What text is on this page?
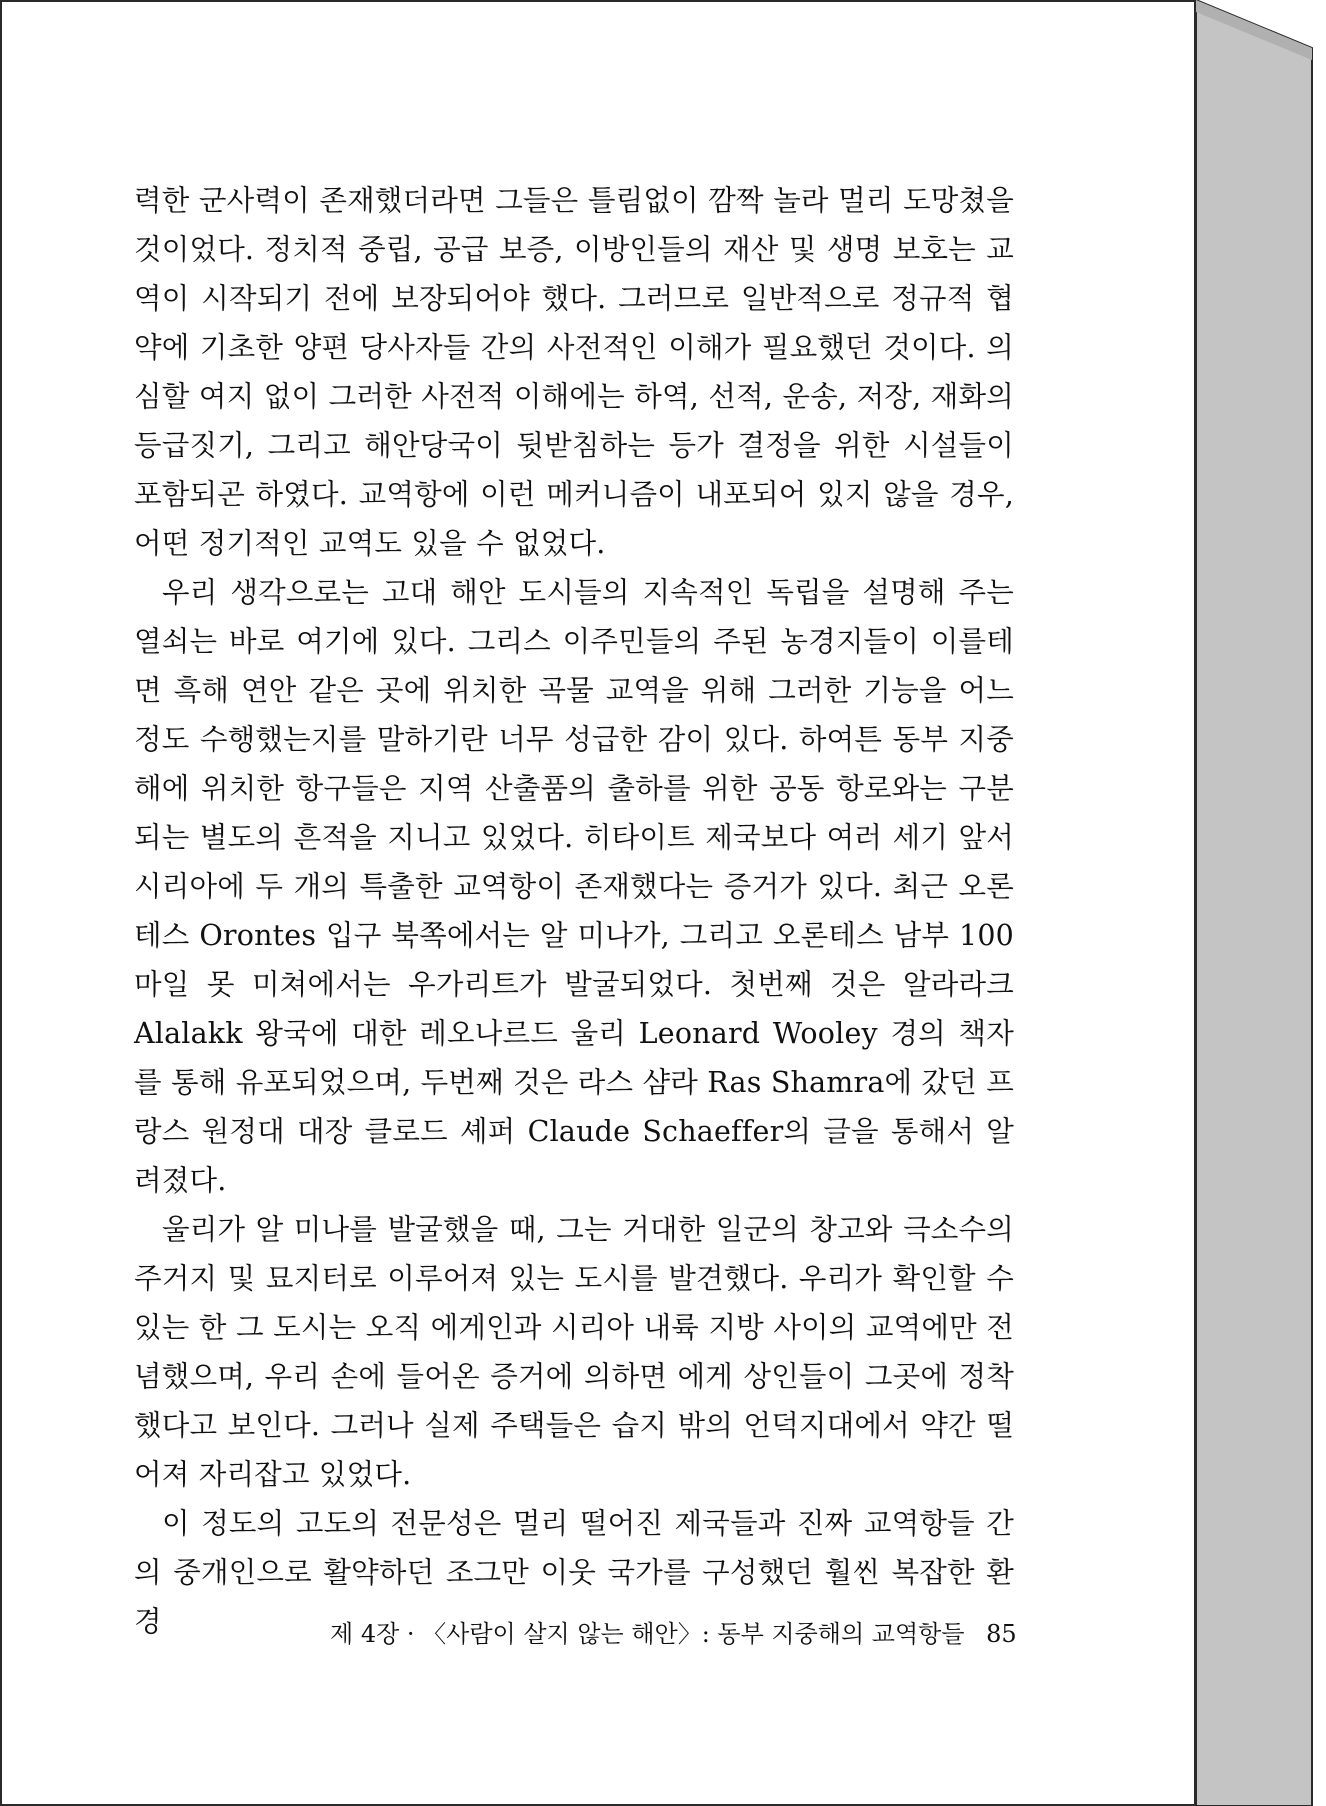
력한 군사력이 존재했더라면 그들은 틀림없이 깜짝 놀라 멀리 도망쳤을 것이었다. 정치적 중립, 공급 보증, 이방인들의 재산 및 생명 보호는 교역이 시작되기 전에 보장되어야 했다. 그러므로 일반적으로 정규적 협약에 기초한 양편 당사자들 간의 사전적인 이해가 필요했던 것이다. 의심할 여지 없이 그러한 사전적 이해에는 하역, 선적, 운송, 저장, 재화의 등급짓기, 그리고 해안당국이 뒷받침하는 등가 결정을 위한 시설들이 포함되곤 하였다. 교역항에 이런 메커니즘이 내포되어 있지 않을 경우, 어떤 정기적인 교역도 있을 수 없었다.

우리 생각으로는 고대 해안 도시들의 지속적인 독립을 설명해 주는 열쇠는 바로 여기에 있다. 그리스 이주민들의 주된 농경지들이 이를테면 흑해 연안 같은 곳에 위치한 곡물 교역을 위해 그러한 기능을 어느 정도 수행했는지를 말하기란 너무 성급한 감이 있다. 하여튼 동부 지중해에 위치한 항구들은 지역 산출품의 출하를 위한 공동 항로와는 구분되는 별도의 흔적을 지니고 있었다. 히타이트 제국보다 여러 세기 앞서 시리아에 두 개의 특출한 교역항이 존재했다는 증거가 있다. 최근 오론테스 Orontes 입구 북쪽에서는 알 미나가, 그리고 오론테스 남부 100마일 못 미쳐에서는 우가리트가 발굴되었다. 첫번째 것은 알라라크 Alalakk 왕국에 대한 레오나르드 울리 Leonard Wooley 경의 책자를 통해 유포되었으며, 두번째 것은 라스 샴라 Ras Shamra에 갔던 프랑스 원정대 대장 클로드 셰퍼 Claude Schaeffer의 글을 통해서 알려졌다.

울리가 알 미나를 발굴했을 때, 그는 거대한 일군의 창고와 극소수의 주거지 및 묘지터로 이루어져 있는 도시를 발견했다. 우리가 확인할 수 있는 한 그 도시는 오직 에게인과 시리아 내륙 지방 사이의 교역에만 전념했으며, 우리 손에 들어온 증거에 의하면 에게 상인들이 그곳에 정착했다고 보인다. 그러나 실제 주택들은 습지 밖의 언덕지대에서 약간 떨어져 자리잡고 있었다.

이 정도의 고도의 전문성은 멀리 떨어진 제국들과 진짜 교역항들 간의 중개인으로 활약하던 조그만 이웃 국가를 구성했던 훨씬 복잡한 환경	제 4장 · 〈사람이 살지 않는 해안〉: 동부 지중해의 교역항들 85
